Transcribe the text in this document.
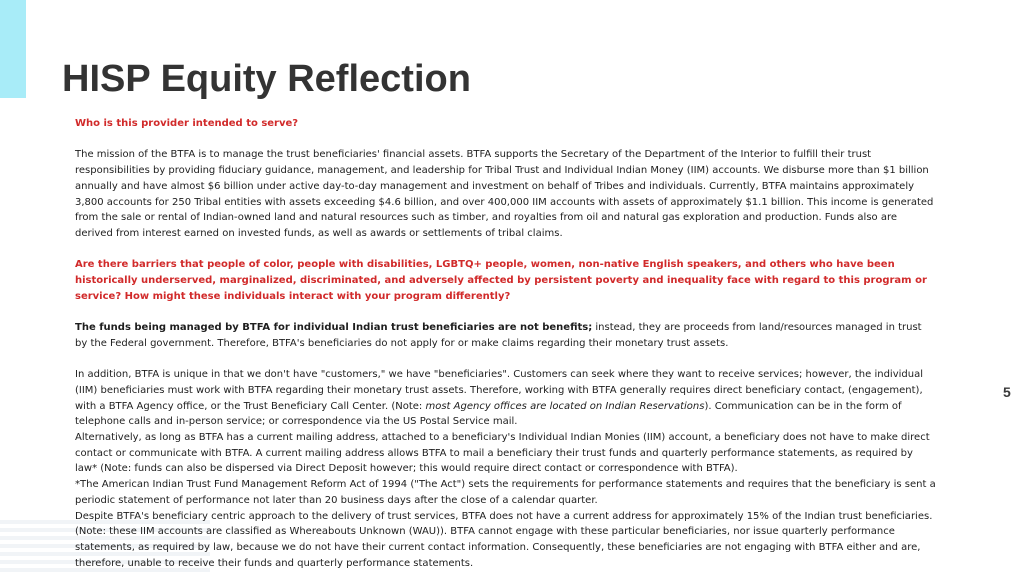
HISP Equity Reflection
5

Who is this provider intended to serve?

The mission of the BTFA is to manage the trust beneficiaries' financial assets. BTFA supports the Secretary of the Department of the Interior to fulfill their trust responsibilities by providing fiduciary guidance, management, and leadership for Tribal Trust and Individual Indian Money (IIM) accounts. We disburse more than $1 billion annually and have almost $6 billion under active day-to-day management and investment on behalf of Tribes and individuals. Currently, BTFA maintains approximately 3,800 accounts for 250 Tribal entities with assets exceeding $4.6 billion, and over 400,000 IIM accounts with assets of approximately $1.1 billion. This income is generated from the sale or rental of Indian-owned land and natural resources such as timber, and royalties from oil and natural gas exploration and production. Funds also are derived from interest earned on invested funds, as well as awards or settlements of tribal claims.

Are there barriers that people of color, people with disabilities, LGBTQ+ people, women, non-native English speakers, and others who have been historically underserved, marginalized, discriminated, and adversely affected by persistent poverty and inequality face with regard to this program or service? How might these individuals interact with your program differently?

The funds being managed by BTFA for individual Indian trust beneficiaries are not benefits; instead, they are proceeds from land/resources managed in trust by the Federal government. Therefore, BTFA's beneficiaries do not apply for or make claims regarding their monetary trust assets.

In addition, BTFA is unique in that we don't have "customers," we have "beneficiaries". Customers can seek where they want to receive services; however, the individual (IIM) beneficiaries must work with BTFA regarding their monetary trust assets. Therefore, working with BTFA generally requires direct beneficiary contact, (engagement), with a BTFA Agency office, or the Trust Beneficiary Call Center. (Note: most Agency offices are located on Indian Reservations). Communication can be in the form of telephone calls and in-person service; or correspondence via the US Postal Service mail.

Alternatively, as long as BTFA has a current mailing address, attached to a beneficiary's Individual Indian Monies (IIM) account, a beneficiary does not have to make direct contact or communicate with BTFA. A current mailing address allows BTFA to mail a beneficiary their trust funds and quarterly performance statements, as required by law* (Note: funds can also be dispersed via Direct Deposit however; this would require direct contact or correspondence with BTFA).

*The American Indian Trust Fund Management Reform Act of 1994 ("The Act") sets the requirements for performance statements and requires that the beneficiary is sent a periodic statement of performance not later than 20 business days after the close of a calendar quarter.

Despite BTFA's beneficiary centric approach to the delivery of trust services, BTFA does not have a current address for approximately 15% of the Indian trust beneficiaries. (Note: these IIM accounts are classified as Whereabouts Unknown (WAU)). BTFA cannot engage with these particular beneficiaries, nor issue quarterly performance statements, as required by law, because we do not have their current contact information. Consequently, these beneficiaries are not engaging with BTFA either and are, therefore, unable to receive their funds and quarterly performance statements.
